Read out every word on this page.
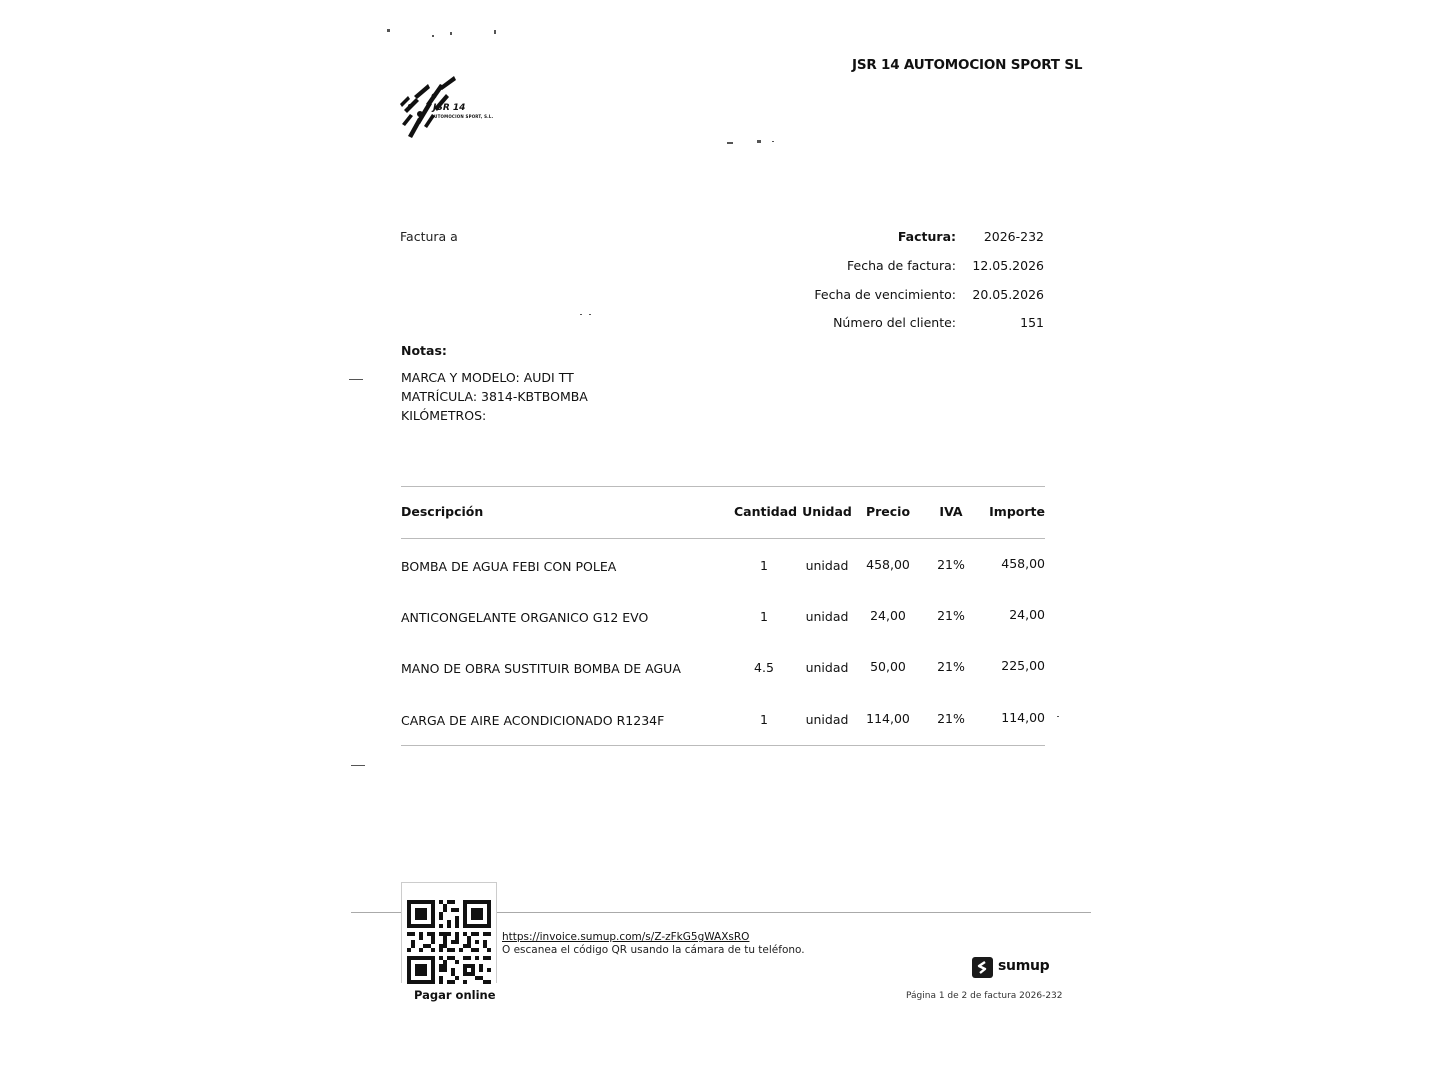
JSR 14 AUTOMOCION SPORT SL
JSR 14
AUTOMOCION SPORT, S.L.
Factura a	Factura: 2026-232
Fecha de factura: 12.05.2026
Fecha de vencimiento: 20.05.2026
Número del cliente:	151
Notas:
MARCA Y MODELO: AUDI TT
MATRÍCULA: 3814-KBTBOMBA
KILÓMETROS:
Descripción	Cantidad Unidad	Precio	IVA	Importe
BOMBA DE AGUA FEBI CON POLEA	1	unidad	458,00	21%	458,00
ANTICONGELANTE ORGANICO G12 EVO	1	unidad	24,00	21%	24,00
MANO DE OBRA SUSTITUIR BOMBA DE AGUA	4.5	unidad	50,00	21%	225,00
CARGA DE AIRE ACONDICIONADO R1234F	1	unidad	114,00	21%	114,00
Pagar online
https://invoice.sumup.com/s/Z-zFkG5gWAXsRO
O escanea el código QR usando la cámara de tu teléfono.
sumup
Página 1 de 2 de factura 2026-232
